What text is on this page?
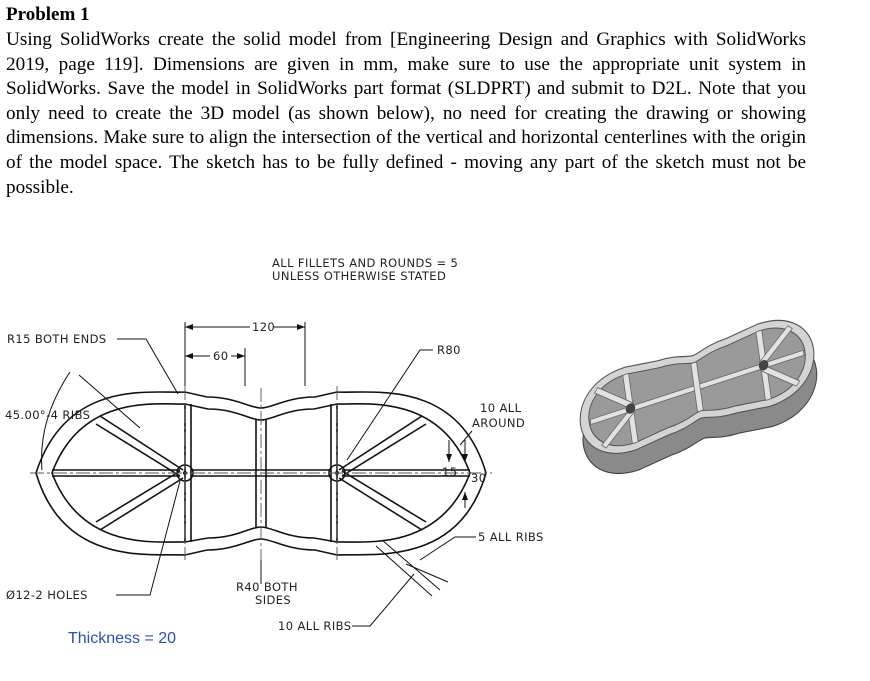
Problem 1

Using SolidWorks create the solid model from [Engineering Design and Graphics with SolidWorks 2019, page 119]. Dimensions are given in mm, make sure to use the appropriate unit system in SolidWorks. Save the model in SolidWorks part format (SLDPRT) and submit to D2L. Note that you only need to create the 3D model (as shown below), no need for creating the drawing or showing dimensions. Make sure to align the intersection of the vertical and horizontal centerlines with the origin of the model space. The sketch has to be fully defined - moving any part of the sketch must not be possible.

120
60
ALL FILLETS AND ROUNDS = 5
UNLESS OTHERWISE STATED
R15 BOTH ENDS
45.00°-4 RIBS
R80
10 ALL
AROUND
15 30
5 ALL RIBS
Ø12-2 HOLES
R40 BOTH
SIDES
10 ALL RIBS
Thickness = 20
